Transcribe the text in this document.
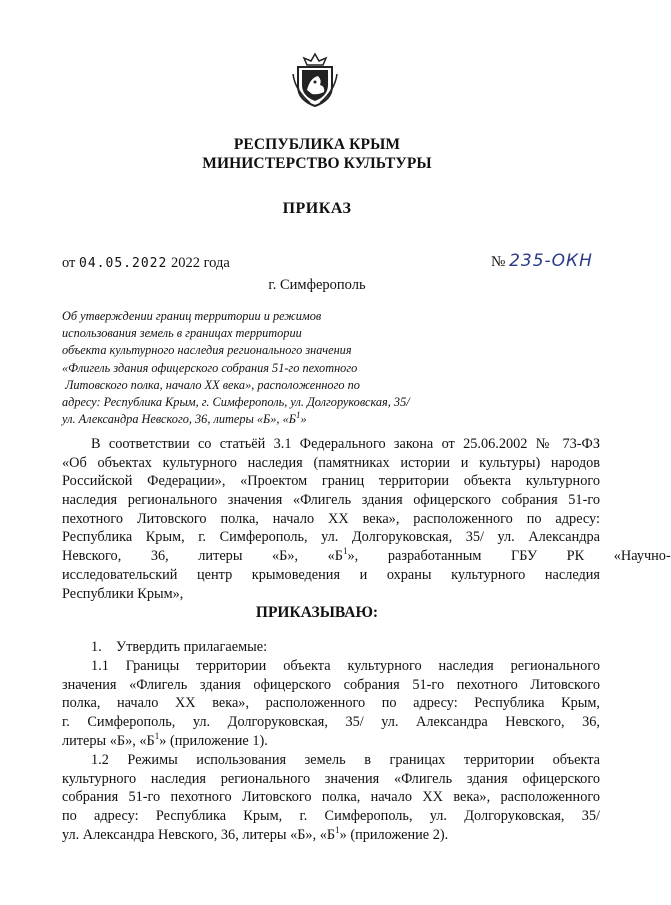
РЕСПУБЛИКА КРЫМ
МИНИСТЕРСТВО КУЛЬТУРЫ
ПРИКАЗ
от 04.05.2022 2022 года	№ 235-ОКН
г. Симферополь
Об утверждении границ территории и режимов
использования земель в границах территории
объекта культурного наследия регионального значения
«Флигель здания офицерского собрания 51-го пехотного
Литовского полка, начало XX века», расположенного по
адресу: Республика Крым, г. Симферополь, ул. Долгоруковская, 35/
ул. Александра Невского, 36, литеры «Б», «$Б^1$»
В соответствии со статьёй 3.1 Федерального закона от 25.06.2002 № 73-ФЗ
«Об объектах культурного наследия (памятниках истории и культуры) народов
Российской Федерации», «Проектом границ территории объекта культурного
наследия регионального значения «Флигель здания офицерского собрания 51-го
пехотного Литовского полка, начало XX века», расположенного по адресу:
Республика Крым, г. Симферополь, ул. Долгоруковская, 35/ ул. Александра
Невского, 36, литеры «Б», «$Б^1$», разработанным ГБУ РК «Научно-
исследовательский центр крымоведения и охраны культурного наследия
Республики Крым»,
ПРИКАЗЫВАЮ:
1.    Утвердить прилагаемые:
1.1 Границы территории объекта культурного наследия регионального
значения «Флигель здания офицерского собрания 51-го пехотного Литовского
полка, начало XX века», расположенного по адресу: Республика Крым,
г. Симферополь, ул. Долгоруковская, 35/ ул. Александра Невского, 36,
литеры «Б», «$Б^1$» (приложение 1).
1.2 Режимы использования земель в границах территории объекта
культурного наследия регионального значения «Флигель здания офицерского
собрания 51-го пехотного Литовского полка, начало XX века», расположенного
по адресу: Республика Крым, г. Симферополь, ул. Долгоруковская, 35/
ул. Александра Невского, 36, литеры «Б», «$Б^1$» (приложение 2).
